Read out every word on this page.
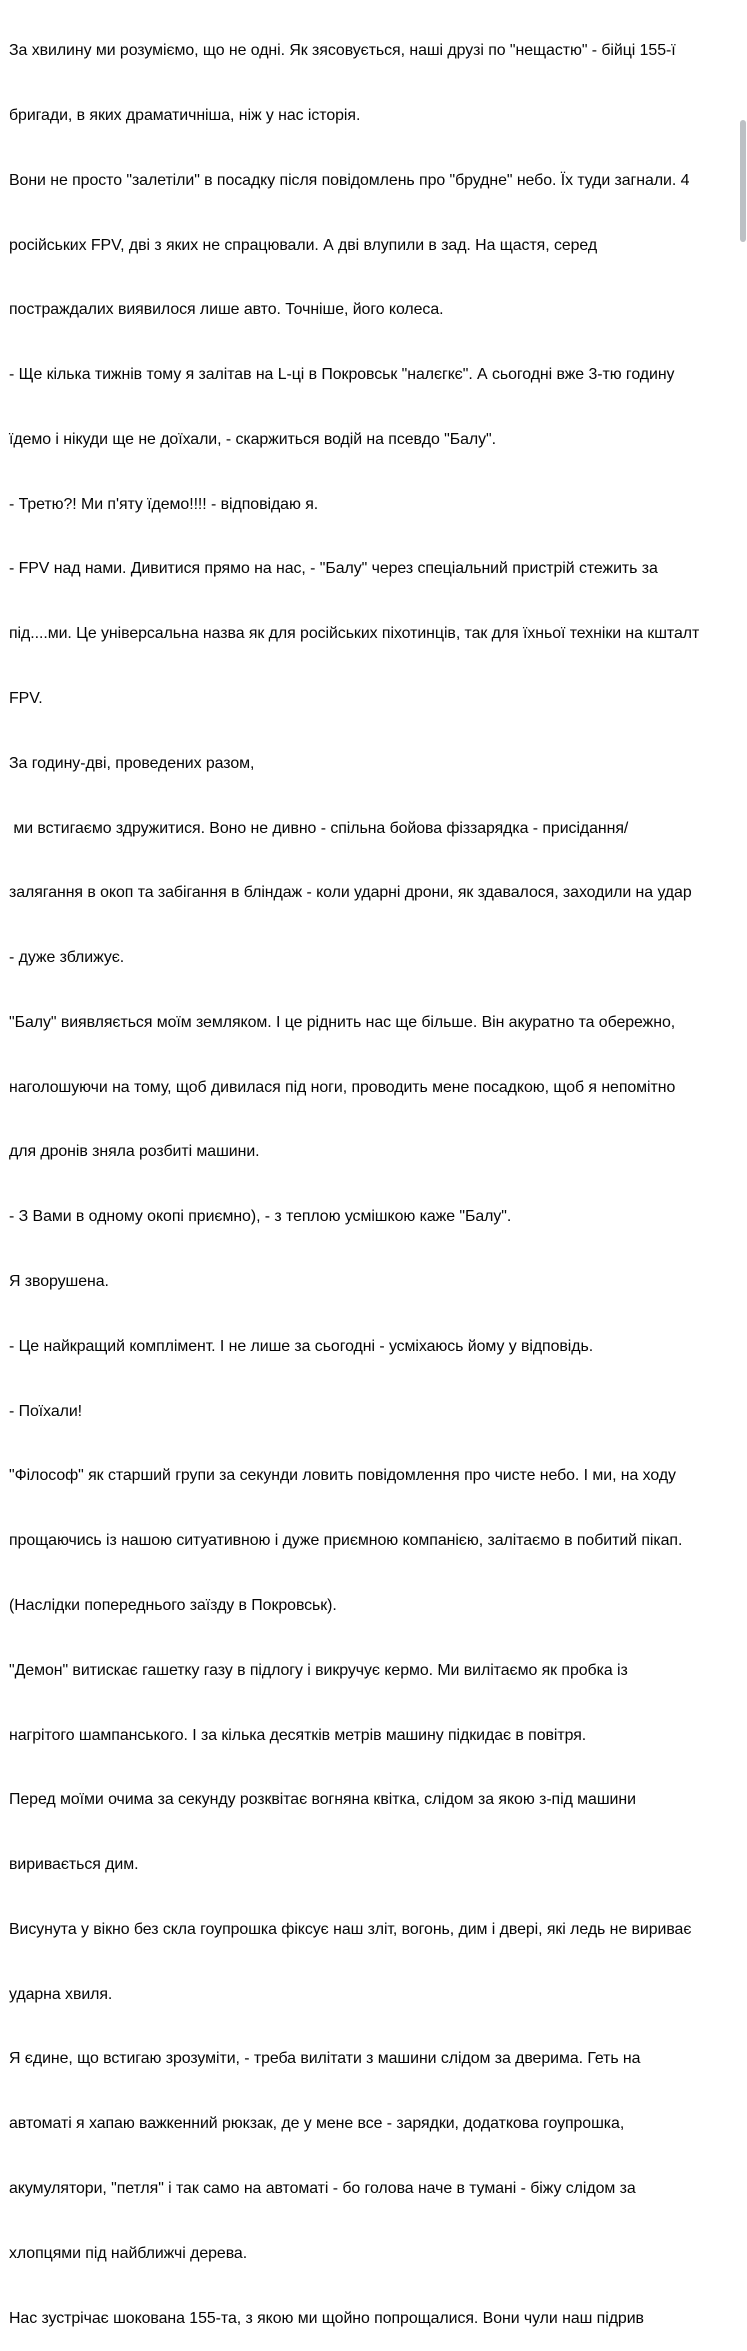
За хвилину ми розуміємо, що не одні. Як зясовується, наші друзі по "нещастю" - бійці 155-ї

бригади, в яких драматичніша, ніж у нас історія.

Вони не просто "залетіли" в посадку після повідомлень про "брудне" небо. Їх туди загнали. 4

російських FPV, дві з яких не спрацювали. А дві влупили в зад. На щастя, серед

постраждалих виявилося лише авто. Точніше, його колеса.

- Ще кілька тижнів тому я залітав на L-ці в Покровськ "налєгкє". А сьогодні вже 3-тю годину

їдемо і нікуди ще не доїхали, - скаржиться водій на псевдо "Балу".

- Третю?! Ми п'яту їдемо!!!! - відповідаю я.

- FPV над нами. Дивитися прямо на нас, - "Балу" через спеціальний пристрій стежить за

під....ми. Це універсальна назва як для російських піхотинців, так для їхньої техніки на кшталт

FPV.

За годину-дві, проведених разом,

ми встигаємо здружитися. Воно не дивно - спільна бойова фіззарядка - присідання/

залягання в окоп та забігання в бліндаж - коли ударні дрони, як здавалося, заходили на удар

- дуже зближує.

"Балу" виявляється моїм земляком. І це ріднить нас ще більше. Він акуратно та обережно,

наголошуючи на тому, щоб дивилася під ноги, проводить мене посадкою, щоб я непомітно

для дронів зняла розбиті машини.

- З Вами в одному окопі приємно), - з теплою усмішкою каже "Балу".

Я зворушена.

- Це найкращий комплімент. І не лише за сьогодні - усміхаюсь йому у відповідь.

- Поїхали!

"Філософ" як старший групи за секунди ловить повідомлення про чисте небо. І ми, на ходу

прощаючись із нашою ситуативною і дуже приємною компанією, залітаємо в побитий пікап.

(Наслідки попереднього заїзду в Покровськ).

"Демон" витискає гашетку газу в підлогу і викручує кермо. Ми вилітаємо як пробка із

нагрітого шампанського. І за кілька десятків метрів машину підкидає в повітря.

Перед моїми очима за секунду розквітає вогняна квітка, слідом за якою з-під машини

виривається дим.

Висунута у вікно без скла гоупрошка фіксує наш зліт, вогонь, дим і двері, які ледь не вириває

ударна хвиля.

Я єдине, що встигаю зрозуміти, - треба вилітати з машини слідом за дверима. Геть на

автоматі я хапаю важкенний рюкзак, де у мене все - зарядки, додаткова гоупрошка,

акумулятори, "петля" і так само на автоматі - бо голова наче в тумані - біжу слідом за

хлопцями під найближчі дерева.

Нас зустрічає шокована 155-та, з якою ми щойно попрощалися. Вони чули наш підрив
